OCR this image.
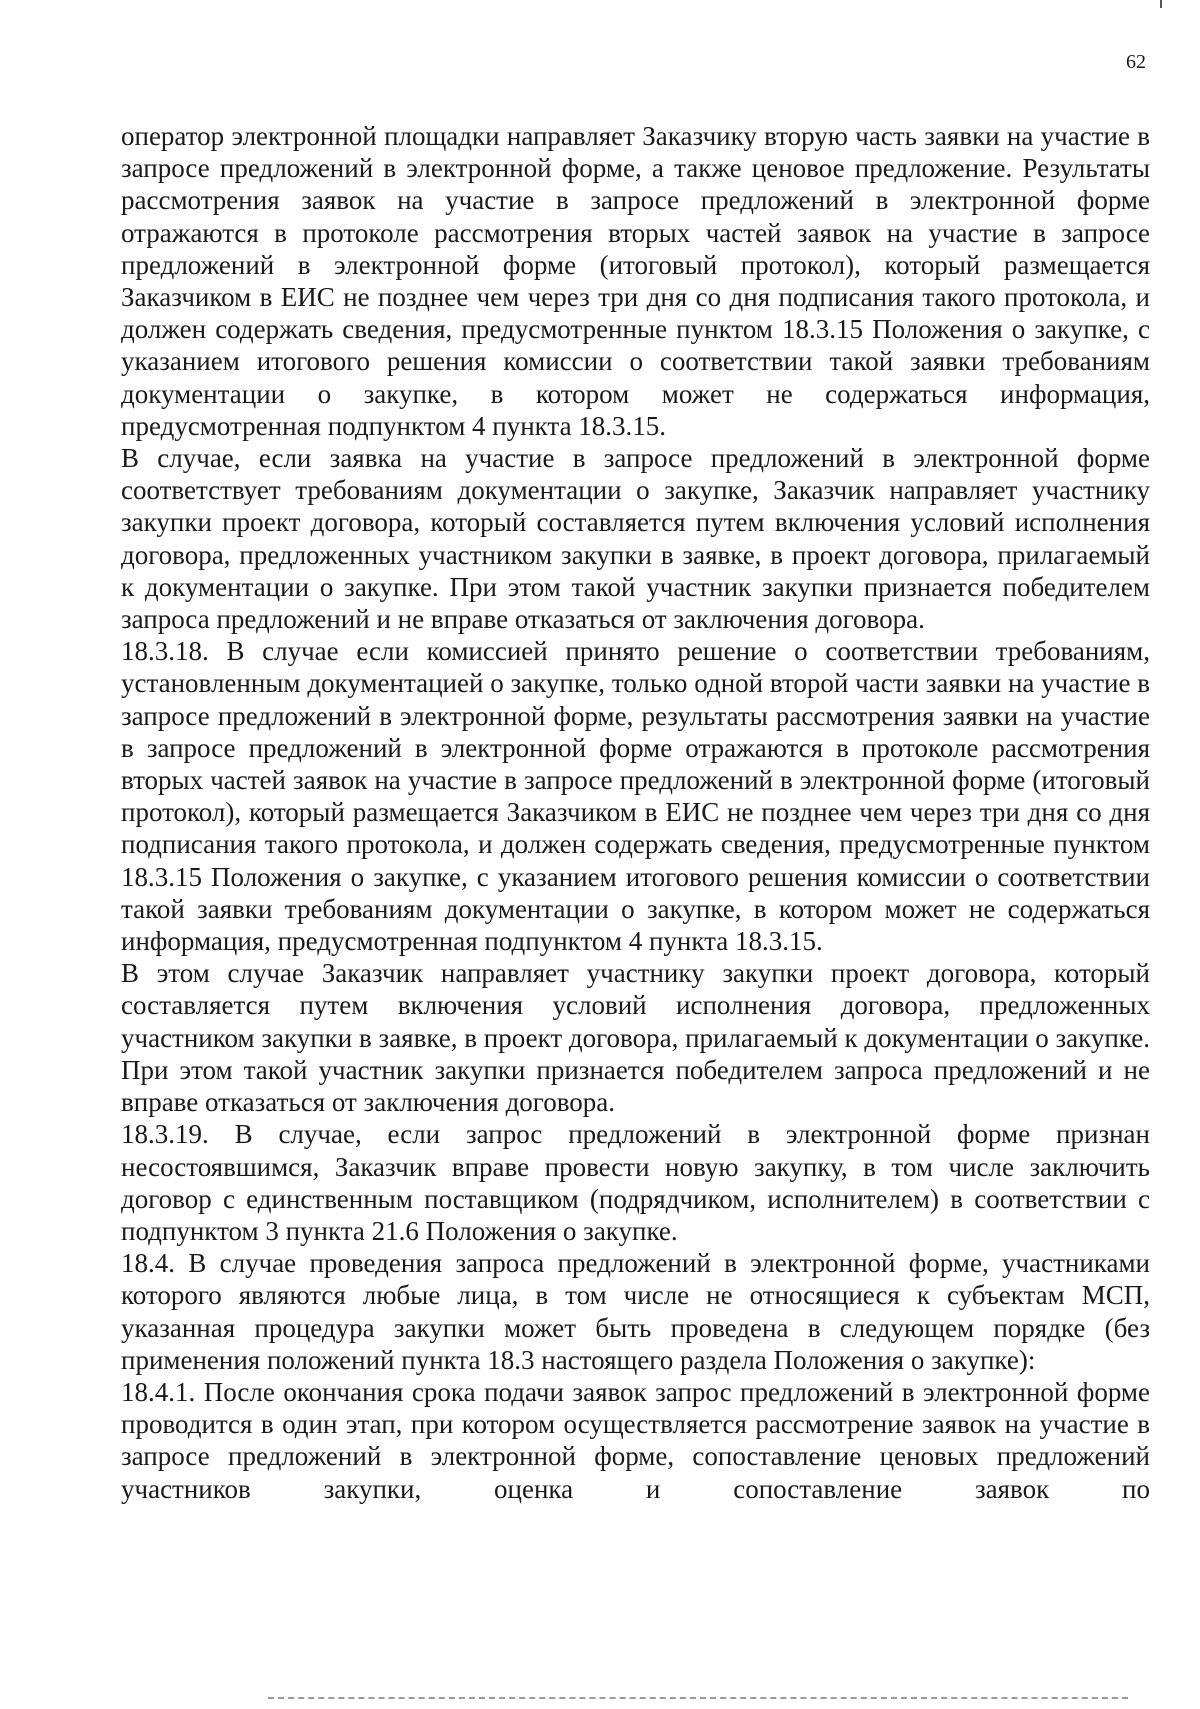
62

оператор электронной площадки направляет Заказчику вторую часть заявки на участие в запросе предложений в электронной форме, а также ценовое предложение. Результаты рассмотрения заявок на участие в запросе предложений в электронной форме отражаются в протоколе рассмотрения вторых частей заявок на участие в запросе предложений в электронной форме (итоговый протокол), который размещается Заказчиком в ЕИС не позднее чем через три дня со дня подписания такого протокола, и должен содержать сведения, предусмотренные пунктом 18.3.15 Положения о закупке, с указанием итогового решения комиссии о соответствии такой заявки требованиям документации о закупке, в котором может не содержаться информация, предусмотренная подпунктом 4 пункта 18.3.15.

В случае, если заявка на участие в запросе предложений в электронной форме соответствует требованиям документации о закупке, Заказчик направляет участнику закупки проект договора, который составляется путем включения условий исполнения договора, предложенных участником закупки в заявке, в проект договора, прилагаемый к документации о закупке. При этом такой участник закупки признается победителем запроса предложений и не вправе отказаться от заключения договора.

18.3.18. В случае если комиссией принято решение о соответствии требованиям, установленным документацией о закупке, только одной второй части заявки на участие в запросе предложений в электронной форме, результаты рассмотрения заявки на участие в запросе предложений в электронной форме отражаются в протоколе рассмотрения вторых частей заявок на участие в запросе предложений в электронной форме (итоговый протокол), который размещается Заказчиком в ЕИС не позднее чем через три дня со дня подписания такого протокола, и должен содержать сведения, предусмотренные пунктом 18.3.15 Положения о закупке, с указанием итогового решения комиссии о соответствии такой заявки требованиям документации о закупке, в котором может не содержаться информация, предусмотренная подпунктом 4 пункта 18.3.15.

В этом случае Заказчик направляет участнику закупки проект договора, который составляется путем включения условий исполнения договора, предложенных участником закупки в заявке, в проект договора, прилагаемый к документации о закупке. При этом такой участник закупки признается победителем запроса предложений и не вправе отказаться от заключения договора.

18.3.19. В случае, если запрос предложений в электронной форме признан несостоявшимся, Заказчик вправе провести новую закупку, в том числе заключить договор с единственным поставщиком (подрядчиком, исполнителем) в соответствии с подпунктом 3 пункта 21.6 Положения о закупке.

18.4. В случае проведения запроса предложений в электронной форме, участниками которого являются любые лица, в том числе не относящиеся к субъектам МСП, указанная процедура закупки может быть проведена в следующем порядке (без применения положений пункта 18.3 настоящего раздела Положения о закупке):

18.4.1. После окончания срока подачи заявок запрос предложений в электронной форме проводится в один этап, при котором осуществляется рассмотрение заявок на участие в запросе предложений в электронной форме, сопоставление ценовых предложений участников закупки, оценка и сопоставление заявок по
